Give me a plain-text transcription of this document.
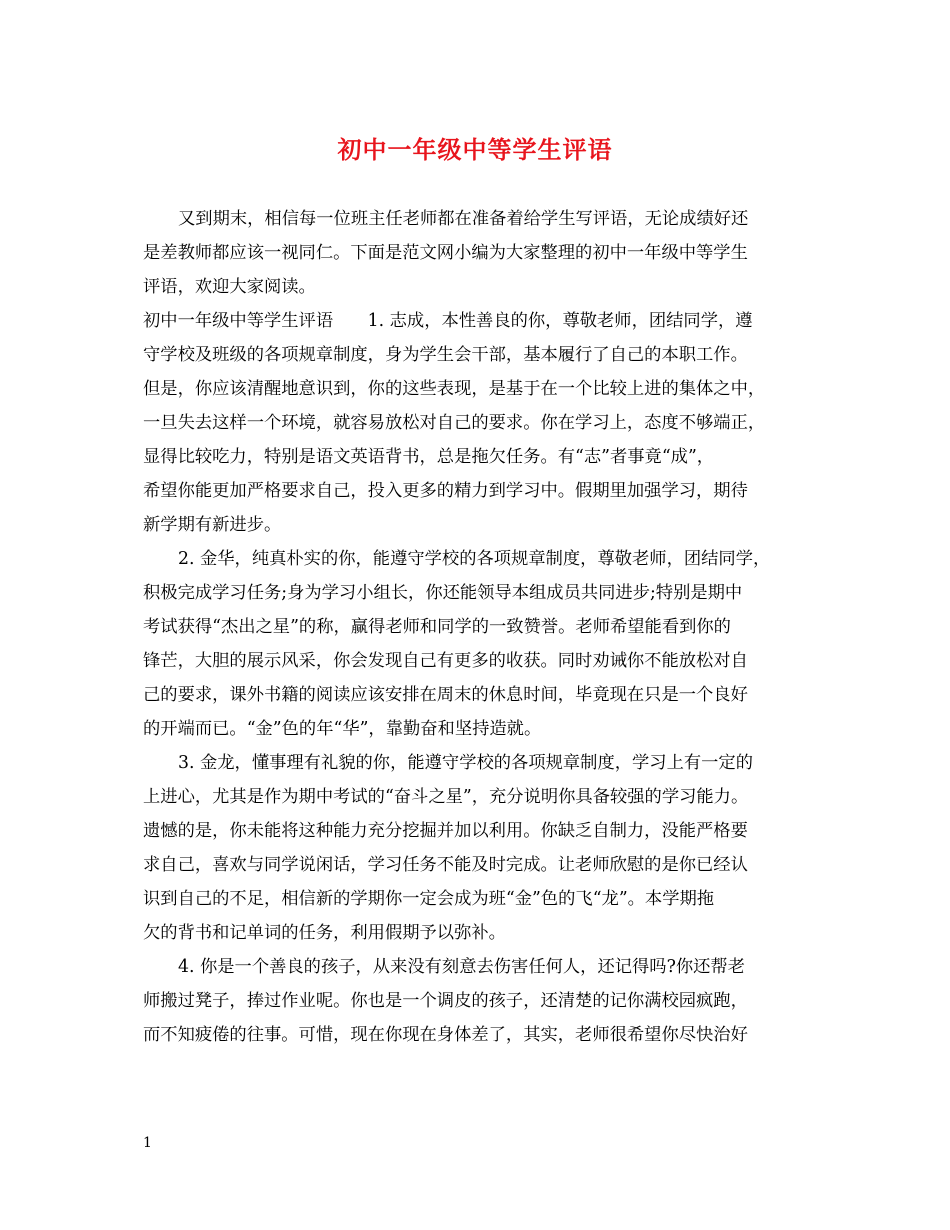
初中一年级中等学生评语
又到期末，相信每一位班主任老师都在准备着给学生写评语，无论成绩好还
是差教师都应该一视同仁。下面是范文网小编为大家整理的初中一年级中等学生
评语，欢迎大家阅读。
初中一年级中等学生评语　　1. 志成，本性善良的你，尊敬老师，团结同学，遵
守学校及班级的各项规章制度，身为学生会干部，基本履行了自己的本职工作。
但是，你应该清醒地意识到，你的这些表现，是基于在一个比较上进的集体之中，
一旦失去这样一个环境，就容易放松对自己的要求。你在学习上，态度不够端正，
显得比较吃力，特别是语文英语背书，总是拖欠任务。有“志”者事竟“成”，
希望你能更加严格要求自己，投入更多的精力到学习中。假期里加强学习，期待
新学期有新进步。
2. 金华，纯真朴实的你，能遵守学校的各项规章制度，尊敬老师，团结同学，
积极完成学习任务;身为学习小组长，你还能领导本组成员共同进步;特别是期中
考试获得“杰出之星”的称，赢得老师和同学的一致赞誉。老师希望能看到你的
锋芒，大胆的展示风采，你会发现自己有更多的收获。同时劝诫你不能放松对自
己的要求，课外书籍的阅读应该安排在周末的休息时间，毕竟现在只是一个良好
的开端而已。“金”色的年“华”，靠勤奋和坚持造就。
3. 金龙，懂事理有礼貌的你，能遵守学校的各项规章制度，学习上有一定的
上进心，尤其是作为期中考试的“奋斗之星”，充分说明你具备较强的学习能力。
遗憾的是，你未能将这种能力充分挖掘并加以利用。你缺乏自制力，没能严格要
求自己，喜欢与同学说闲话，学习任务不能及时完成。让老师欣慰的是你已经认
识到自己的不足，相信新的学期你一定会成为班“金”色的飞“龙”。本学期拖
欠的背书和记单词的任务，利用假期予以弥补。
4. 你是一个善良的孩子，从来没有刻意去伤害任何人，还记得吗?你还帮老
师搬过凳子，捧过作业呢。你也是一个调皮的孩子，还清楚的记你满校园疯跑，
而不知疲倦的往事。可惜，现在你现在身体差了，其实，老师很希望你尽快治好
1
